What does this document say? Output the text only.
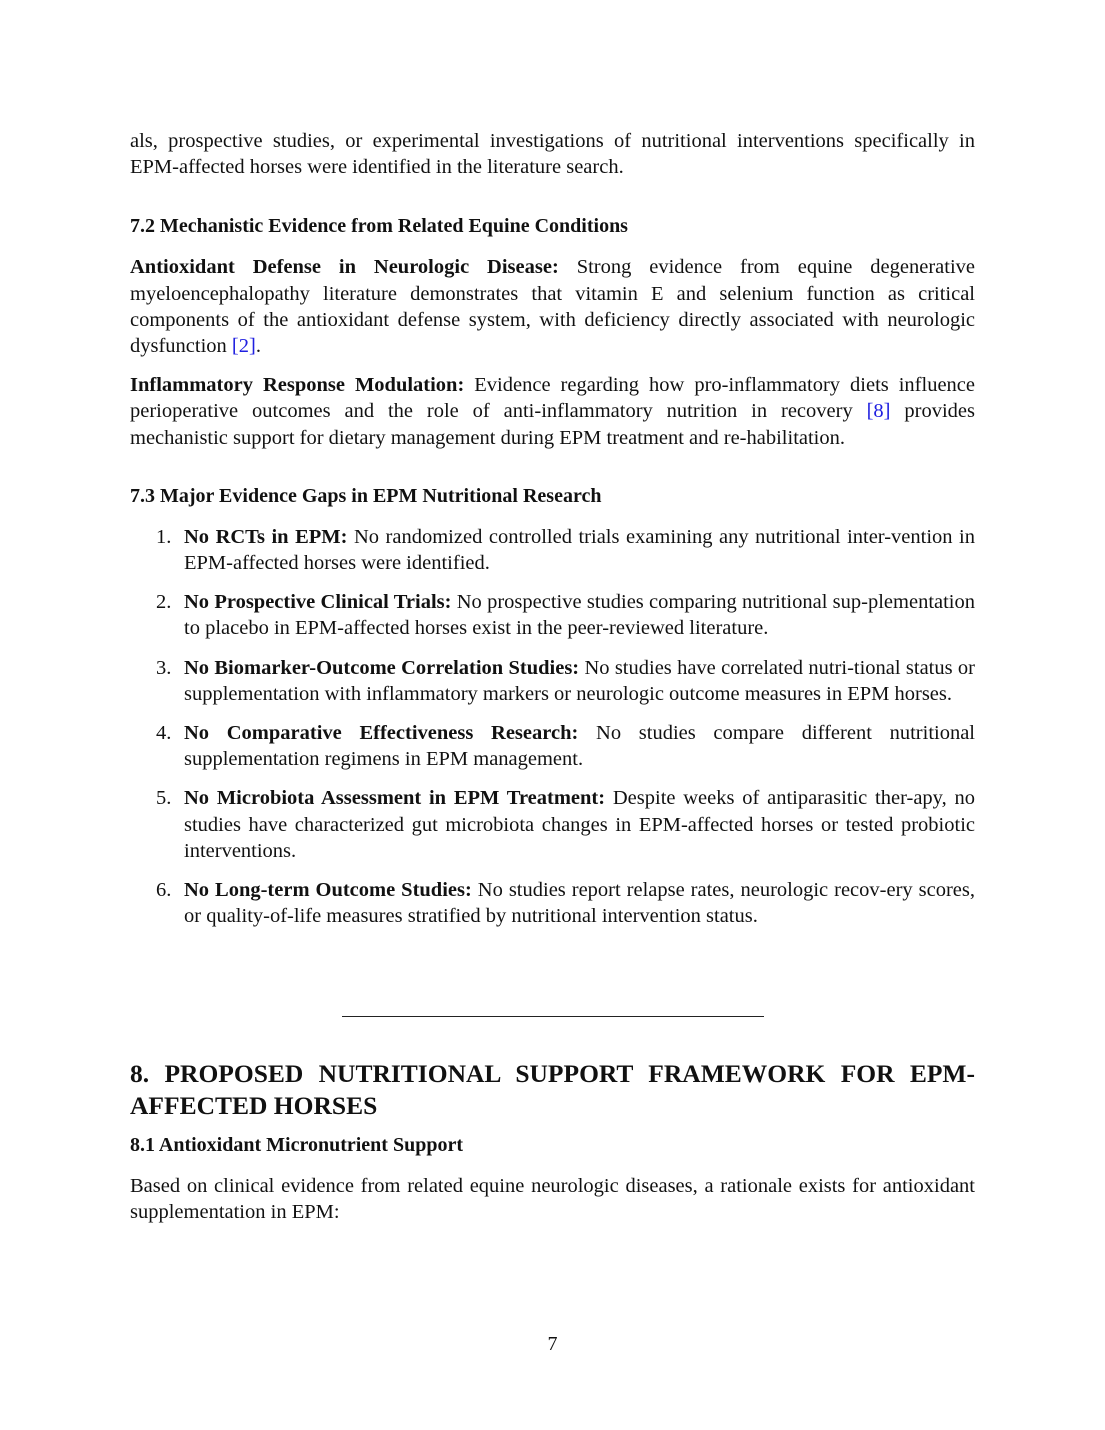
als, prospective studies, or experimental investigations of nutritional interventions specifically in EPM-affected horses were identified in the literature search.

7.2 Mechanistic Evidence from Related Equine Conditions

Antioxidant Defense in Neurologic Disease: Strong evidence from equine degenerative myeloencephalopathy literature demonstrates that vitamin E and selenium function as critical components of the antioxidant defense system, with deficiency directly associated with neurologic dysfunction [2].

Inflammatory Response Modulation: Evidence regarding how pro-inflammatory diets influence perioperative outcomes and the role of anti-inflammatory nutrition in recovery [8] provides mechanistic support for dietary management during EPM treatment and re-habilitation.

7.3 Major Evidence Gaps in EPM Nutritional Research
1. No RCTs in EPM: No randomized controlled trials examining any nutritional inter-vention in EPM-affected horses were identified.
2. No Prospective Clinical Trials: No prospective studies comparing nutritional sup-plementation to placebo in EPM-affected horses exist in the peer-reviewed literature.
3. No Biomarker-Outcome Correlation Studies: No studies have correlated nutri-tional status or supplementation with inflammatory markers or neurologic outcome measures in EPM horses.
4. No Comparative Effectiveness Research: No studies compare different nutritional supplementation regimens in EPM management.
5. No Microbiota Assessment in EPM Treatment: Despite weeks of antiparasitic ther-apy, no studies have characterized gut microbiota changes in EPM-affected horses or tested probiotic interventions.
6. No Long-term Outcome Studies: No studies report relapse rates, neurologic recov-ery scores, or quality-of-life measures stratified by nutritional intervention status.
8. PROPOSED NUTRITIONAL SUPPORT FRAMEWORK FOR EPM-AFFECTED HORSES
8.1 Antioxidant Micronutrient Support

Based on clinical evidence from related equine neurologic diseases, a rationale exists for antioxidant supplementation in EPM:

7
